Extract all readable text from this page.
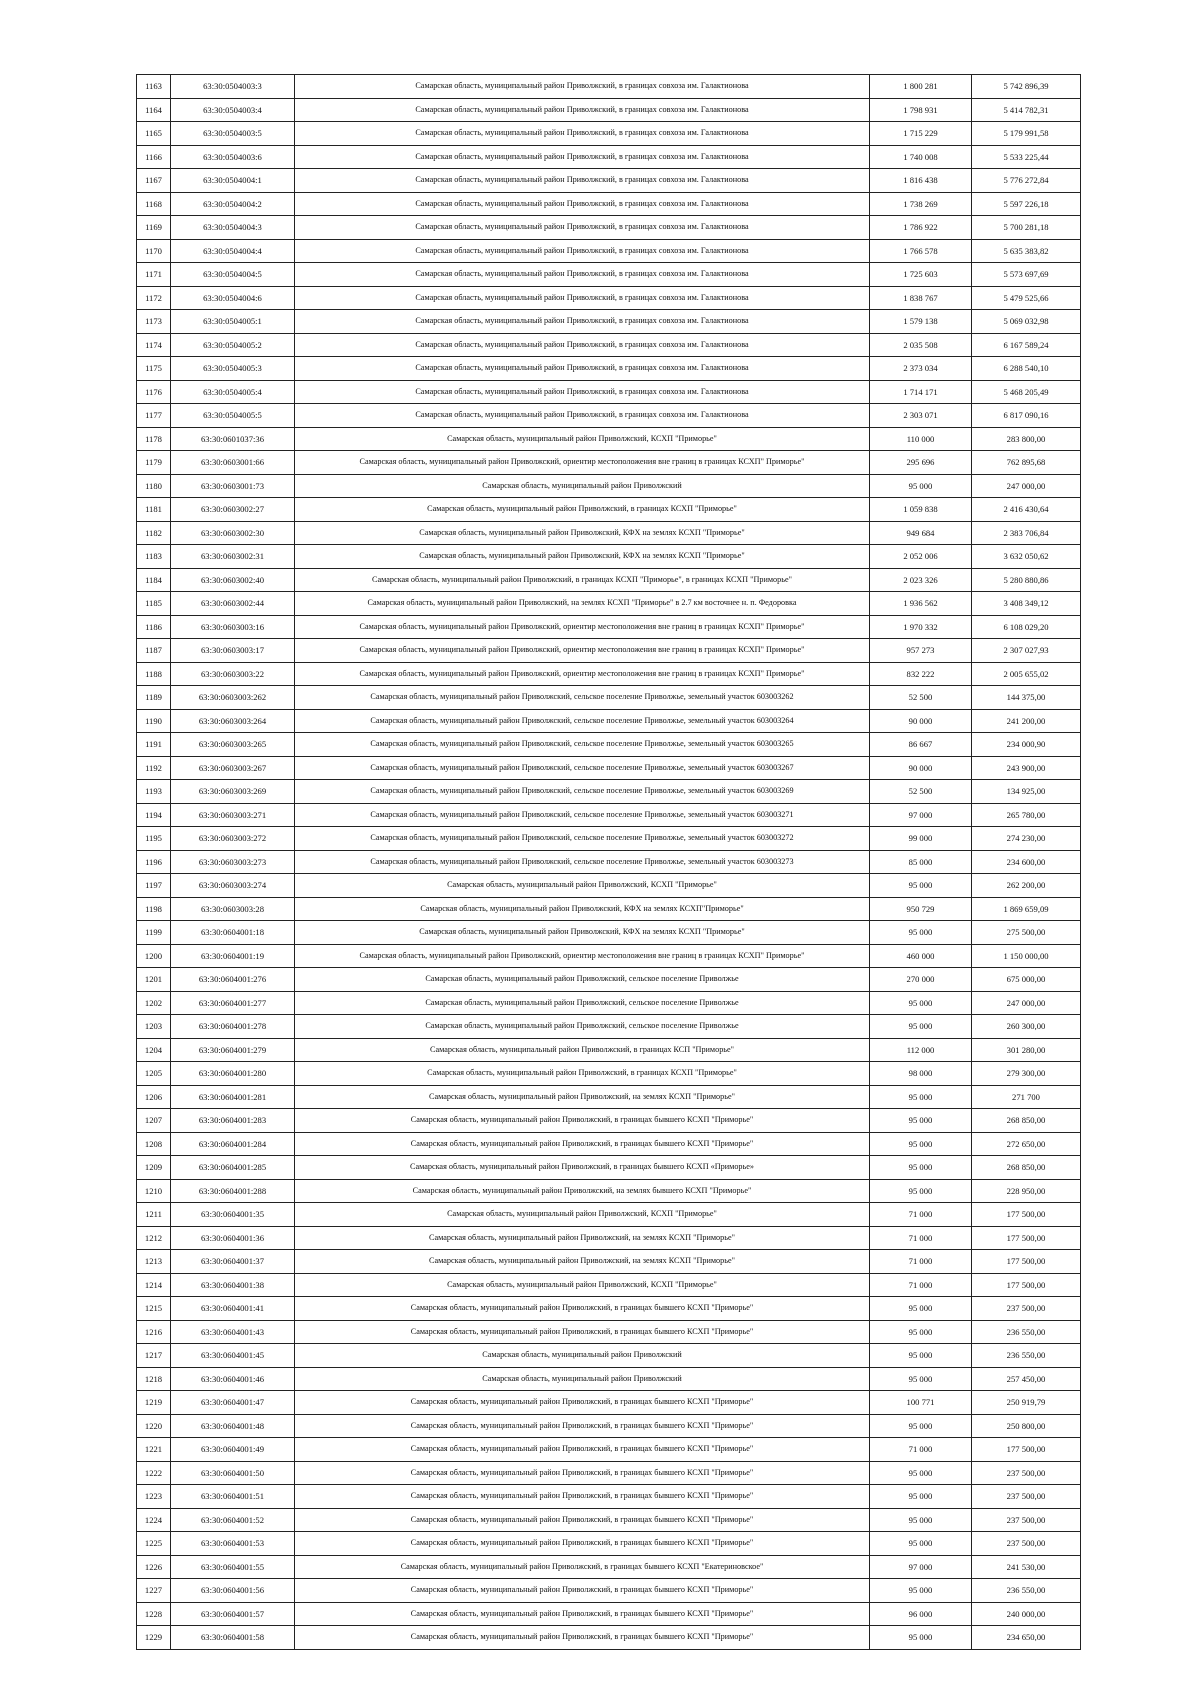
1163	63:30:0504003:3	Самарская область, муниципальный район Приволжский, в границах совхоза им. Галактионова	1 800 281	5 742 896,39
1164	63:30:0504003:4	Самарская область, муниципальный район Приволжский, в границах совхоза им. Галактионова	1 798 931	5 414 782,31
1165	63:30:0504003:5	Самарская область, муниципальный район Приволжский, в границах совхоза им. Галактионова	1 715 229	5 179 991,58
1166	63:30:0504003:6	Самарская область, муниципальный район Приволжский, в границах совхоза им. Галактионова	1 740 008	5 533 225,44
1167	63:30:0504004:1	Самарская область, муниципальный район Приволжский, в границах совхоза им. Галактионова	1 816 438	5 776 272,84
1168	63:30:0504004:2	Самарская область, муниципальный район Приволжский, в границах совхоза им. Галактионова	1 738 269	5 597 226,18
1169	63:30:0504004:3	Самарская область, муниципальный район Приволжский, в границах совхоза им. Галактионова	1 786 922	5 700 281,18
1170	63:30:0504004:4	Самарская область, муниципальный район Приволжский, в границах совхоза им. Галактионова	1 766 578	5 635 383,82
1171	63:30:0504004:5	Самарская область, муниципальный район Приволжский, в границах совхоза им. Галактионова	1 725 603	5 573 697,69
1172	63:30:0504004:6	Самарская область, муниципальный район Приволжский, в границах совхоза им. Галактионова	1 838 767	5 479 525,66
1173	63:30:0504005:1	Самарская область, муниципальный район Приволжский, в границах совхоза им. Галактионова	1 579 138	5 069 032,98
1174	63:30:0504005:2	Самарская область, муниципальный район Приволжский, в границах совхоза им. Галактионова	2 035 508	6 167 589,24
1175	63:30:0504005:3	Самарская область, муниципальный район Приволжский, в границах совхоза им. Галактионова	2 373 034	6 288 540,10
1176	63:30:0504005:4	Самарская область, муниципальный район Приволжский, в границах совхоза им. Галактионова	1 714 171	5 468 205,49
1177	63:30:0504005:5	Самарская область, муниципальный район Приволжский, в границах совхоза им. Галактионова	2 303 071	6 817 090,16
1178	63:30:0601037:36	Самарская область, муниципальный район Приволжский, КСХП "Приморье"	110 000	283 800,00
1179	63:30:0603001:66	Самарская область, муниципальный район Приволжский, ориентир местоположения вне границ в границах КСХП" Приморье"	295 696	762 895,68
1180	63:30:0603001:73	Самарская область, муниципальный район Приволжский	95 000	247 000,00
1181	63:30:0603002:27	Самарская область, муниципальный район Приволжский, в границах КСХП "Приморье"	1 059 838	2 416 430,64
1182	63:30:0603002:30	Самарская область, муниципальный район Приволжский, КФХ на землях КСХП "Приморье"	949 684	2 383 706,84
1183	63:30:0603002:31	Самарская область, муниципальный район Приволжский, КФХ на землях КСХП "Приморье"	2 052 006	3 632 050,62
1184	63:30:0603002:40	Самарская область, муниципальный район Приволжский, в границах КСХП "Приморье", в границах КСХП "Приморье"	2 023 326	5 280 880,86
1185	63:30:0603002:44	Самарская область, муниципальный район Приволжский, на землях КСХП "Приморье" в 2.7 км восточнее н. п. Федоровка	1 936 562	3 408 349,12
1186	63:30:0603003:16	Самарская область, муниципальный район Приволжский, ориентир местоположения вне границ в границах КСХП" Приморье"	1 970 332	6 108 029,20
1187	63:30:0603003:17	Самарская область, муниципальный район Приволжский, ориентир местоположения вне границ в границах КСХП" Приморье"	957 273	2 307 027,93
1188	63:30:0603003:22	Самарская область, муниципальный район Приволжский, ориентир местоположения вне границ в границах КСХП" Приморье"	832 222	2 005 655,02
1189	63:30:0603003:262	Самарская область, муниципальный район Приволжский, сельское поселение Приволжье, земельный участок 603003262	52 500	144 375,00
1190	63:30:0603003:264	Самарская область, муниципальный район Приволжский, сельское поселение Приволжье, земельный участок 603003264	90 000	241 200,00
1191	63:30:0603003:265	Самарская область, муниципальный район Приволжский, сельское поселение Приволжье, земельный участок 603003265	86 667	234 000,90
1192	63:30:0603003:267	Самарская область, муниципальный район Приволжский, сельское поселение Приволжье, земельный участок 603003267	90 000	243 900,00
1193	63:30:0603003:269	Самарская область, муниципальный район Приволжский, сельское поселение Приволжье, земельный участок 603003269	52 500	134 925,00
1194	63:30:0603003:271	Самарская область, муниципальный район Приволжский, сельское поселение Приволжье, земельный участок 603003271	97 000	265 780,00
1195	63:30:0603003:272	Самарская область, муниципальный район Приволжский, сельское поселение Приволжье, земельный участок 603003272	99 000	274 230,00
1196	63:30:0603003:273	Самарская область, муниципальный район Приволжский, сельское поселение Приволжье, земельный участок 603003273	85 000	234 600,00
1197	63:30:0603003:274	Самарская область, муниципальный район Приволжский, КСХП "Приморье"	95 000	262 200,00
1198	63:30:0603003:28	Самарская область, муниципальный район Приволжский, КФХ на землях КСХП"Приморье"	950 729	1 869 659,09
1199	63:30:0604001:18	Самарская область, муниципальный район Приволжский, КФХ на землях КСХП "Приморье"	95 000	275 500,00
1200	63:30:0604001:19	Самарская область, муниципальный район Приволжский, ориентир местоположения вне границ в границах КСХП" Приморье"	460 000	1 150 000,00
1201	63:30:0604001:276	Самарская область, муниципальный район Приволжский, сельское поселение Приволжье	270 000	675 000,00
1202	63:30:0604001:277	Самарская область, муниципальный район Приволжский, сельское поселение Приволжье	95 000	247 000,00
1203	63:30:0604001:278	Самарская область, муниципальный район Приволжский, сельское поселение Приволжье	95 000	260 300,00
1204	63:30:0604001:279	Самарская область, муниципальный район Приволжский, в границах КСП "Приморье"	112 000	301 280,00
1205	63:30:0604001:280	Самарская область, муниципальный район Приволжский, в границах КСХП "Приморье"	98 000	279 300,00
1206	63:30:0604001:281	Самарская область, муниципальный район Приволжский, на землях КСХП "Приморье"	95 000	271 700
1207	63:30:0604001:283	Самарская область, муниципальный район Приволжский, в границах бывшего КСХП "Приморье"	95 000	268 850,00
1208	63:30:0604001:284	Самарская область, муниципальный район Приволжский, в границах бывшего КСХП "Приморье"	95 000	272 650,00
1209	63:30:0604001:285	Самарская область, муниципальный район Приволжский, в границах бывшего КСХП «Приморье»	95 000	268 850,00
1210	63:30:0604001:288	Самарская область, муниципальный район Приволжский, на землях бывшего КСХП "Приморье"	95 000	228 950,00
1211	63:30:0604001:35	Самарская область, муниципальный район Приволжский, КСХП "Приморье"	71 000	177 500,00
1212	63:30:0604001:36	Самарская область, муниципальный район Приволжский, на землях КСХП "Приморье"	71 000	177 500,00
1213	63:30:0604001:37	Самарская область, муниципальный район Приволжский, на землях КСХП "Приморье"	71 000	177 500,00
1214	63:30:0604001:38	Самарская область, муниципальный район Приволжский, КСХП "Приморье"	71 000	177 500,00
1215	63:30:0604001:41	Самарская область, муниципальный район Приволжский, в границах бывшего КСХП "Приморье"	95 000	237 500,00
1216	63:30:0604001:43	Самарская область, муниципальный район Приволжский, в границах бывшего КСХП "Приморье"	95 000	236 550,00
1217	63:30:0604001:45	Самарская область, муниципальный район Приволжский	95 000	236 550,00
1218	63:30:0604001:46	Самарская область, муниципальный район Приволжский	95 000	257 450,00
1219	63:30:0604001:47	Самарская область, муниципальный район Приволжский, в границах бывшего КСХП "Приморье"	100 771	250 919,79
1220	63:30:0604001:48	Самарская область, муниципальный район Приволжский, в границах бывшего КСХП "Приморье"	95 000	250 800,00
1221	63:30:0604001:49	Самарская область, муниципальный район Приволжский, в границах бывшего КСХП "Приморье"	71 000	177 500,00
1222	63:30:0604001:50	Самарская область, муниципальный район Приволжский, в границах бывшего КСХП "Приморье"	95 000	237 500,00
1223	63:30:0604001:51	Самарская область, муниципальный район Приволжский, в границах бывшего КСХП "Приморье"	95 000	237 500,00
1224	63:30:0604001:52	Самарская область, муниципальный район Приволжский, в границах бывшего КСХП "Приморье"	95 000	237 500,00
1225	63:30:0604001:53	Самарская область, муниципальный район Приволжский, в границах бывшего КСХП "Приморье"	95 000	237 500,00
1226	63:30:0604001:55	Самарская область, муниципальный район Приволжский, в границах бывшего КСХП "Екатериновское"	97 000	241 530,00
1227	63:30:0604001:56	Самарская область, муниципальный район Приволжский, в границах бывшего КСХП "Приморье"	95 000	236 550,00
1228	63:30:0604001:57	Самарская область, муниципальный район Приволжский, в границах бывшего КСХП "Приморье"	96 000	240 000,00
1229	63:30:0604001:58	Самарская область, муниципальный район Приволжский, в границах бывшего КСХП "Приморье"	95 000	234 650,00
